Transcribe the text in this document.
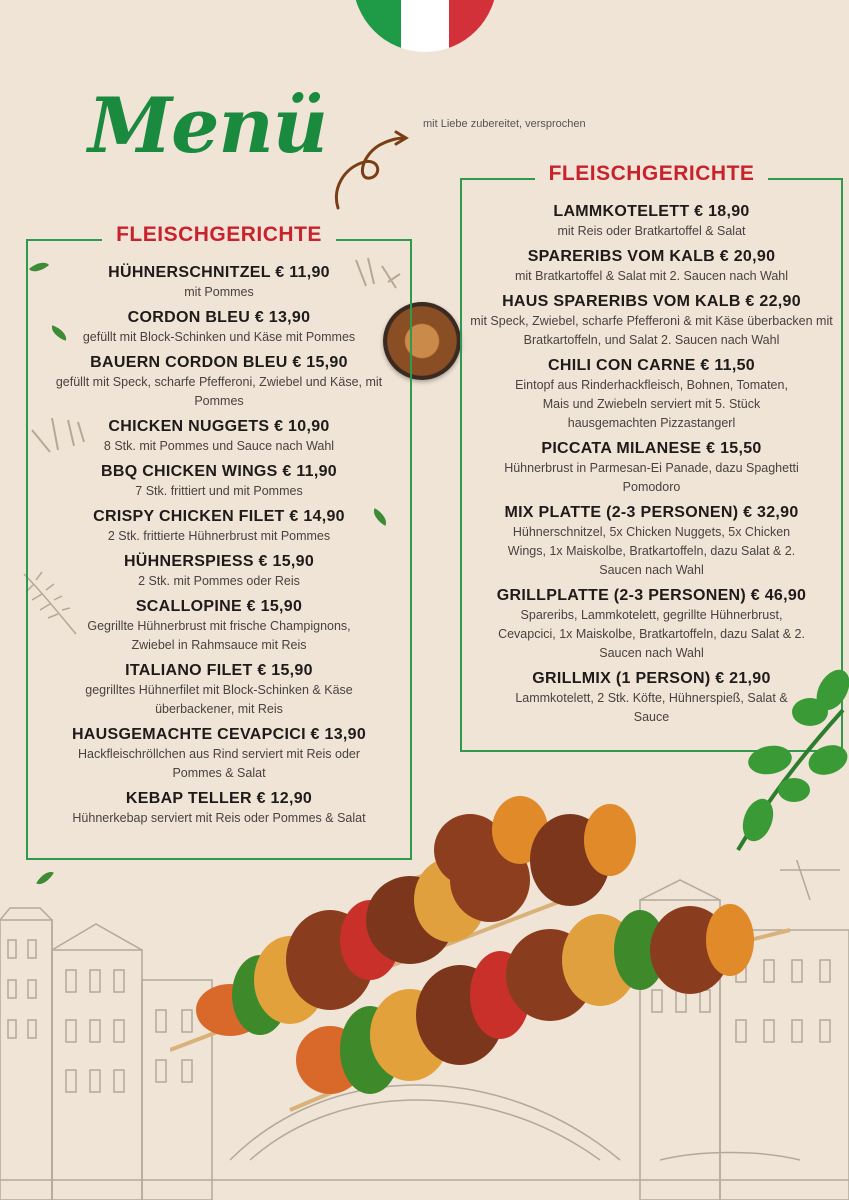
Menü	mit Liebe zubereitet, versprochen
FLEISCHGERICHTE
HÜHNERSCHNITZEL € 11,90
mit Pommes
CORDON BLEU € 13,90
gefüllt mit Block-Schinken und Käse mit Pommes
BAUERN CORDON BLEU € 15,90
gefüllt mit Speck, scharfe Pfefferoni, Zwiebel und Käse, mit Pommes
CHICKEN NUGGETS € 10,90
8 Stk. mit Pommes und Sauce nach Wahl
BBQ CHICKEN WINGS € 11,90
7 Stk. frittiert und mit Pommes
CRISPY CHICKEN FILET € 14,90
2 Stk. frittierte Hühnerbrust mit Pommes
HÜHNERSPIESS € 15,90
2 Stk. mit Pommes oder Reis
SCALLOPINE € 15,90
Gegrillte Hühnerbrust mit frische Champignons, Zwiebel in Rahmsauce mit Reis
ITALIANO FILET € 15,90
gegrilltes Hühnerfilet mit Block-Schinken & Käse überbackener, mit Reis
HAUSGEMACHTE CEVAPCICI € 13,90
Hackfleischröllchen aus Rind serviert mit Reis oder Pommes & Salat
KEBAP TELLER € 12,90
Hühnerkebap serviert mit Reis oder Pommes & Salat
FLEISCHGERICHTE
LAMMKOTELETT € 18,90
mit Reis oder Bratkartoffel & Salat
SPARERIBS VOM KALB € 20,90
mit Bratkartoffel & Salat mit 2. Saucen nach Wahl
HAUS SPARERIBS VOM KALB € 22,90
mit Speck, Zwiebel, scharfe Pfefferoni & mit Käse überbacken mit Bratkartoffeln, und Salat 2. Saucen nach Wahl
CHILI CON CARNE € 11,50
Eintopf aus Rinderhackfleisch, Bohnen, Tomaten, Mais und Zwiebeln serviert mit 5. Stück hausgemachten Pizzastangerl
PICCATA MILANESE € 15,50
Hühnerbrust in Parmesan-Ei Panade, dazu Spaghetti Pomodoro
MIX PLATTE (2-3 PERSONEN) € 32,90
Hühnerschnitzel, 5x Chicken Nuggets, 5x Chicken Wings, 1x Maiskolbe, Bratkartoffeln, dazu Salat & 2. Saucen nach Wahl
GRILLPLATTE (2-3 PERSONEN) € 46,90
Spareribs, Lammkotelett, gegrillte Hühnerbrust, Cevapcici, 1x Maiskolbe, Bratkartoffeln, dazu Salat & 2. Saucen nach Wahl
GRILLMIX (1 PERSON) € 21,90
Lammkotelett, 2 Stk. Köfte, Hühnerspieß, Salat & Sauce
